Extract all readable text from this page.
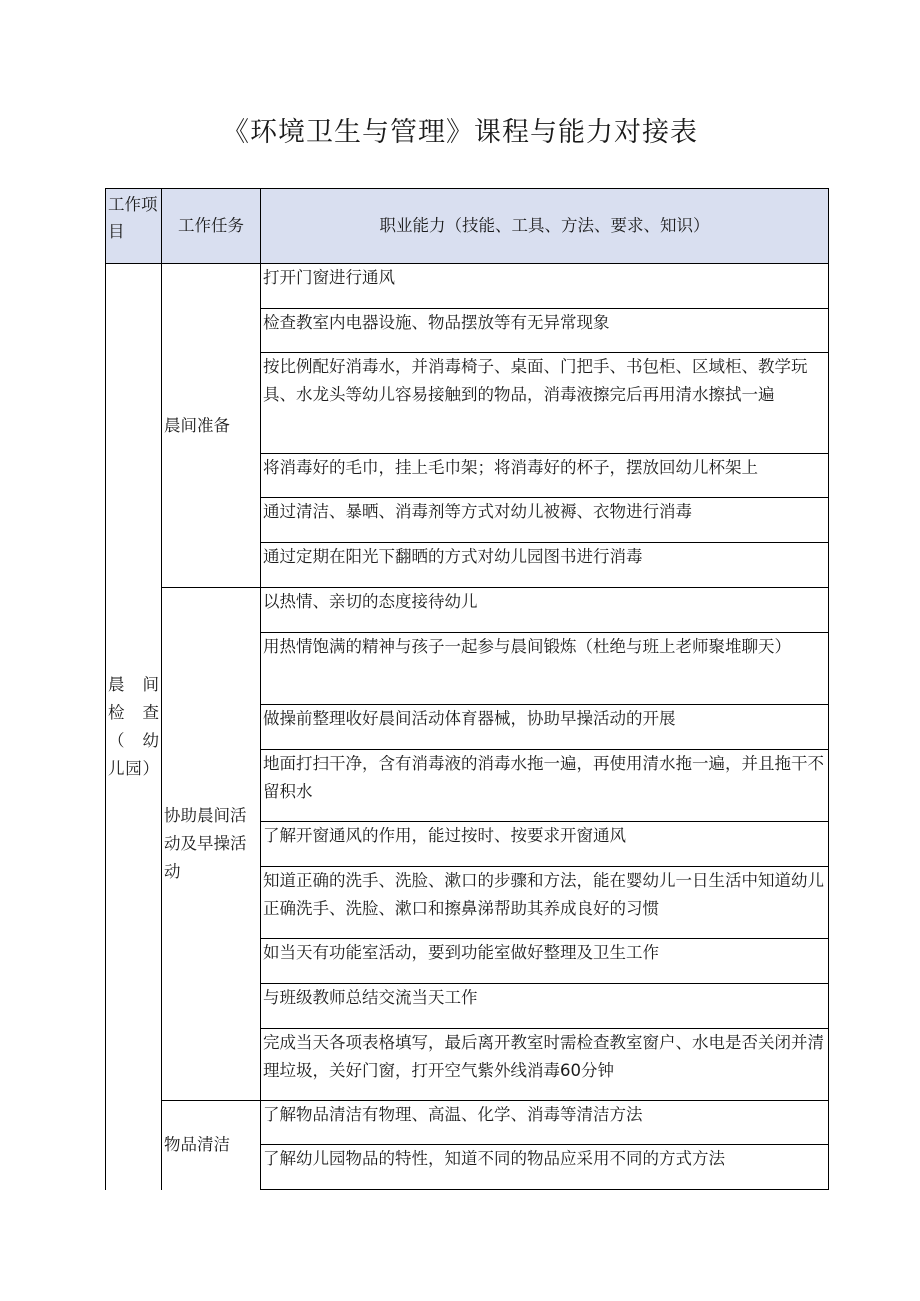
《环境卫生与管理》课程与能力对接表
工作项目	工作任务	职业能力（技能、工具、方法、要求、知识）
晨 间 检 查（ 幼 儿园）	晨间准备	打开门窗进行通风
		检查教室内电器设施、物品摆放等有无异常现象
		按比例配好消毒水，并消毒椅子、桌面、门把手、书包柜、区域柜、教学玩具、水龙头等幼儿容易接触到的物品，消毒液擦完后再用清水擦拭一遍
		将消毒好的毛巾，挂上毛巾架；将消毒好的杯子，摆放回幼儿杯架上
		通过清洁、暴晒、消毒剂等方式对幼儿被褥、衣物进行消毒
		通过定期在阳光下翻晒的方式对幼儿园图书进行消毒
	协助晨间活动及早操活动	以热情、亲切的态度接待幼儿
		用热情饱满的精神与孩子一起参与晨间锻炼（杜绝与班上老师聚堆聊天）
		做操前整理收好晨间活动体育器械，协助早操活动的开展
		地面打扫干净，含有消毒液的消毒水拖一遍，再使用清水拖一遍，并且拖干不留积水
		了解开窗通风的作用，能过按时、按要求开窗通风
		知道正确的洗手、洗脸、漱口的步骤和方法，能在婴幼儿一日生活中知道幼儿正确洗手、洗脸、漱口和擦鼻涕帮助其养成良好的习惯
		如当天有功能室活动，要到功能室做好整理及卫生工作
		与班级教师总结交流当天工作
		完成当天各项表格填写，最后离开教室时需检查教室窗户、水电是否关闭并清理垃圾，关好门窗，打开空气紫外线消毒60分钟
	物品清洁	了解物品清洁有物理、高温、化学、消毒等清洁方法
		了解幼儿园物品的特性，知道不同的物品应采用不同的方式方法
